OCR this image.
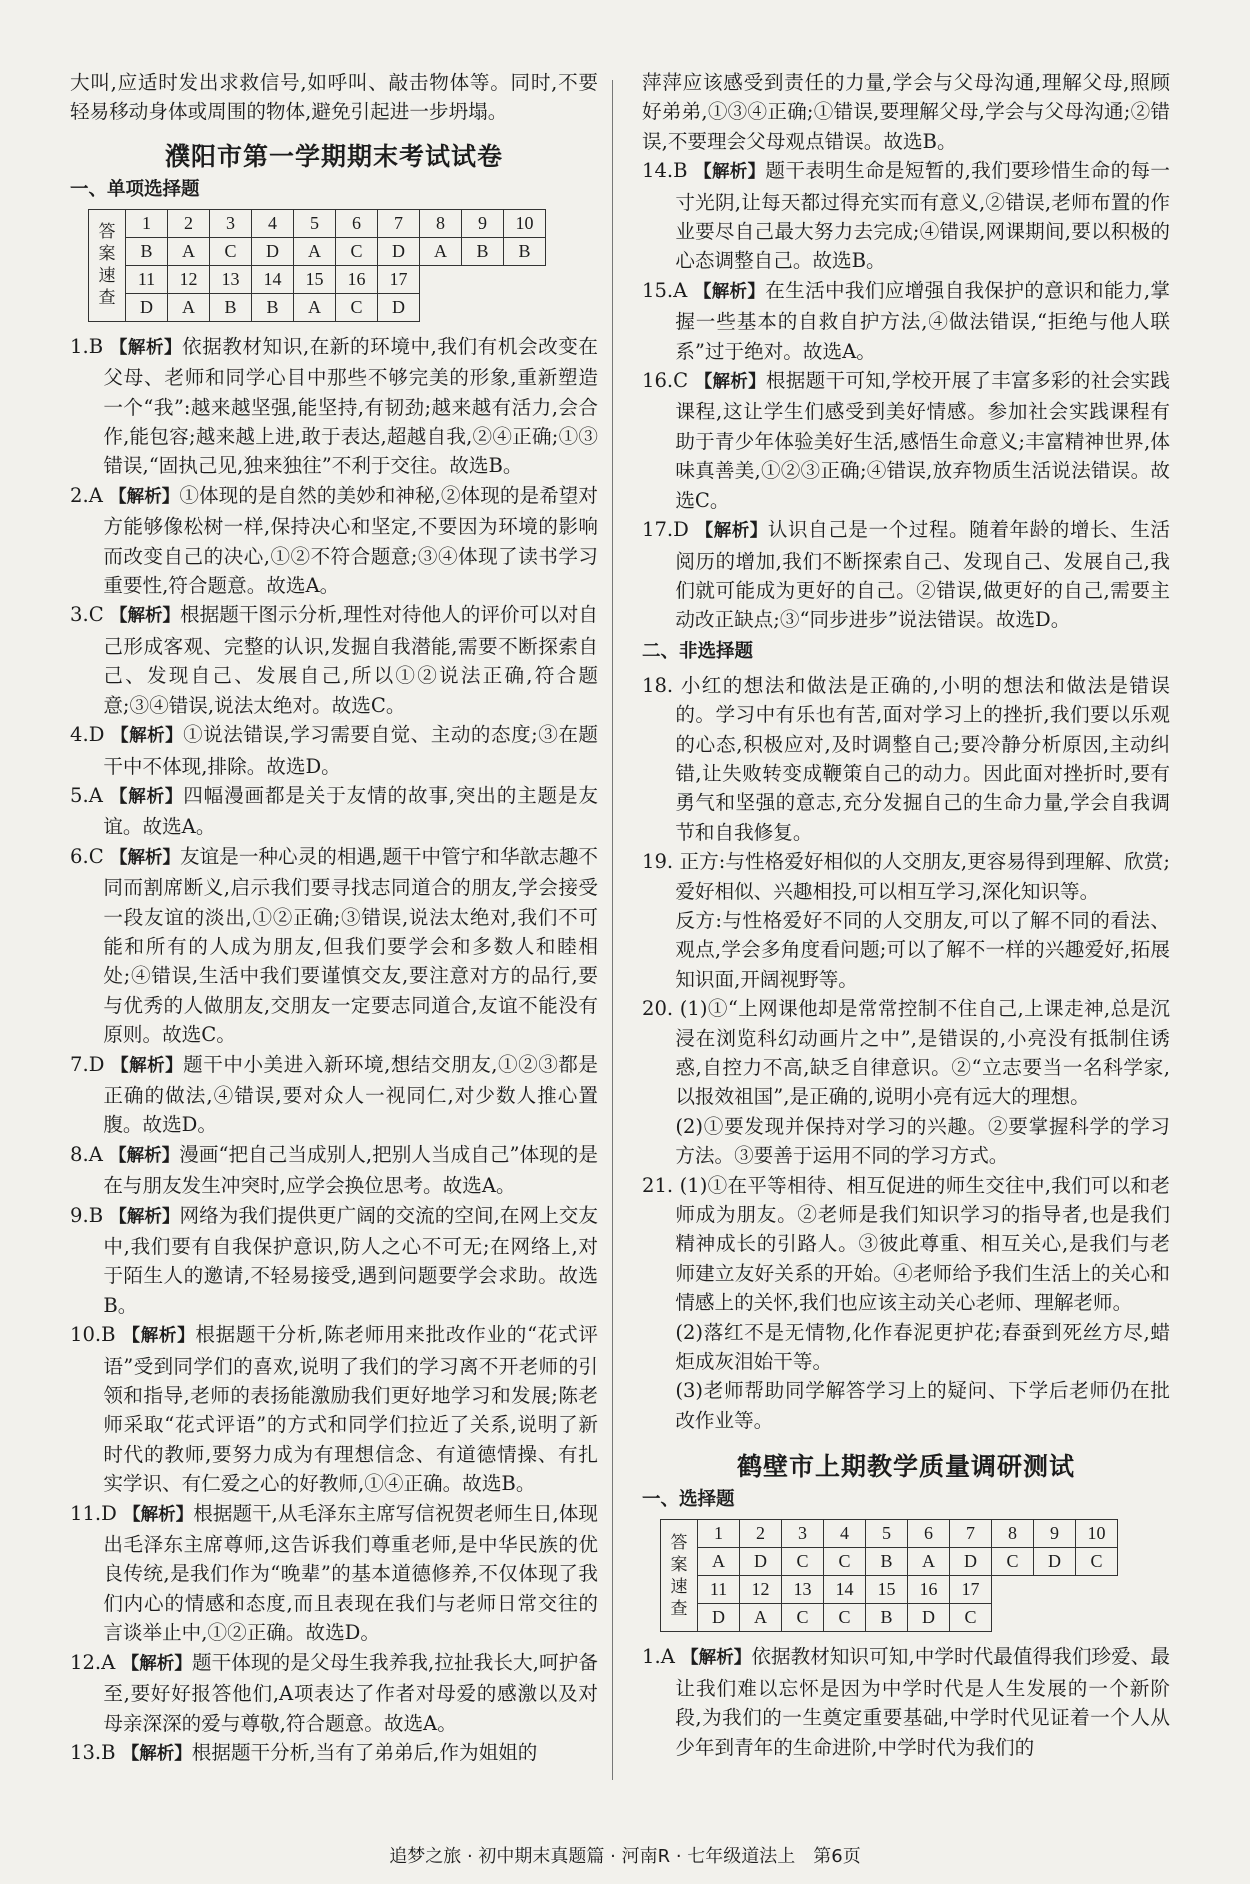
大叫,应适时发出求救信号,如呼叫、敲击物体等。同时,不要轻易移动身体或周围的物体,避免引起进一步坍塌。

濮阳市第一学期期末考试试卷
一、单项选择题
答案速查	1	2	3	4	5	6	7	8	9	10
	B	A	C	D	A	C	D	A	B	B
	11	12	13	14	15	16	17			
	D	A	B	B	A	C	D			

1.B 【解析】依据教材知识,在新的环境中,我们有机会改变在父母、老师和同学心目中那些不够完美的形象,重新塑造一个“我”:越来越坚强,能坚持,有韧劲;越来越有活力,会合作,能包容;越来越上进,敢于表达,超越自我,②④正确;①③错误,“固执己见,独来独往”不利于交往。故选B。

2.A 【解析】①体现的是自然的美妙和神秘,②体现的是希望对方能够像松树一样,保持决心和坚定,不要因为环境的影响而改变自己的决心,①②不符合题意;③④体现了读书学习重要性,符合题意。故选A。

3.C 【解析】根据题干图示分析,理性对待他人的评价可以对自己形成客观、完整的认识,发掘自我潜能,需要不断探索自己、发现自己、发展自己,所以①②说法正确,符合题意;③④错误,说法太绝对。故选C。

4.D 【解析】①说法错误,学习需要自觉、主动的态度;③在题干中不体现,排除。故选D。

5.A 【解析】四幅漫画都是关于友情的故事,突出的主题是友谊。故选A。

6.C 【解析】友谊是一种心灵的相遇,题干中管宁和华歆志趣不同而割席断义,启示我们要寻找志同道合的朋友,学会接受一段友谊的淡出,①②正确;③错误,说法太绝对,我们不可能和所有的人成为朋友,但我们要学会和多数人和睦相处;④错误,生活中我们要谨慎交友,要注意对方的品行,要与优秀的人做朋友,交朋友一定要志同道合,友谊不能没有原则。故选C。

7.D 【解析】题干中小美进入新环境,想结交朋友,①②③都是正确的做法,④错误,要对众人一视同仁,对少数人推心置腹。故选D。

8.A 【解析】漫画“把自己当成别人,把别人当成自己”体现的是在与朋友发生冲突时,应学会换位思考。故选A。

9.B 【解析】网络为我们提供更广阔的交流的空间,在网上交友中,我们要有自我保护意识,防人之心不可无;在网络上,对于陌生人的邀请,不轻易接受,遇到问题要学会求助。故选B。

10.B 【解析】根据题干分析,陈老师用来批改作业的“花式评语”受到同学们的喜欢,说明了我们的学习离不开老师的引领和指导,老师的表扬能激励我们更好地学习和发展;陈老师采取“花式评语”的方式和同学们拉近了关系,说明了新时代的教师,要努力成为有理想信念、有道德情操、有扎实学识、有仁爱之心的好教师,①④正确。故选B。

11.D 【解析】根据题干,从毛泽东主席写信祝贺老师生日,体现出毛泽东主席尊师,这告诉我们尊重老师,是中华民族的优良传统,是我们作为“晚辈”的基本道德修养,不仅体现了我们内心的情感和态度,而且表现在我们与老师日常交往的言谈举止中,①②正确。故选D。

12.A 【解析】题干体现的是父母生我养我,拉扯我长大,呵护备至,要好好报答他们,A项表达了作者对母爱的感激以及对母亲深深的爱与尊敬,符合题意。故选A。

13.B 【解析】根据题干分析,当有了弟弟后,作为姐姐的

萍萍应该感受到责任的力量,学会与父母沟通,理解父母,照顾好弟弟,①③④正确;①错误,要理解父母,学会与父母沟通;②错误,不要理会父母观点错误。故选B。

14.B 【解析】题干表明生命是短暂的,我们要珍惜生命的每一寸光阴,让每天都过得充实而有意义,②错误,老师布置的作业要尽自己最大努力去完成;④错误,网课期间,要以积极的心态调整自己。故选B。

15.A 【解析】在生活中我们应增强自我保护的意识和能力,掌握一些基本的自救自护方法,④做法错误,“拒绝与他人联系”过于绝对。故选A。

16.C 【解析】根据题干可知,学校开展了丰富多彩的社会实践课程,这让学生们感受到美好情感。参加社会实践课程有助于青少年体验美好生活,感悟生命意义;丰富精神世界,体味真善美,①②③正确;④错误,放弃物质生活说法错误。故选C。

17.D 【解析】认识自己是一个过程。随着年龄的增长、生活阅历的增加,我们不断探索自己、发现自己、发展自己,我们就可能成为更好的自己。②错误,做更好的自己,需要主动改正缺点;③“同步进步”说法错误。故选D。

二、非选择题

18. 小红的想法和做法是正确的,小明的想法和做法是错误的。学习中有乐也有苦,面对学习上的挫折,我们要以乐观的心态,积极应对,及时调整自己;要冷静分析原因,主动纠错,让失败转变成鞭策自己的动力。因此面对挫折时,要有勇气和坚强的意志,充分发掘自己的生命力量,学会自我调节和自我修复。

19. 正方:与性格爱好相似的人交朋友,更容易得到理解、欣赏;爱好相似、兴趣相投,可以相互学习,深化知识等。

反方:与性格爱好不同的人交朋友,可以了解不同的看法、观点,学会多角度看问题;可以了解不一样的兴趣爱好,拓展知识面,开阔视野等。

20. (1)①“上网课他却是常常控制不住自己,上课走神,总是沉浸在浏览科幻动画片之中”,是错误的,小亮没有抵制住诱惑,自控力不高,缺乏自律意识。②“立志要当一名科学家,以报效祖国”,是正确的,说明小亮有远大的理想。

(2)①要发现并保持对学习的兴趣。②要掌握科学的学习方法。③要善于运用不同的学习方式。

21. (1)①在平等相待、相互促进的师生交往中,我们可以和老师成为朋友。②老师是我们知识学习的指导者,也是我们精神成长的引路人。③彼此尊重、相互关心,是我们与老师建立友好关系的开始。④老师给予我们生活上的关心和情感上的关怀,我们也应该主动关心老师、理解老师。

(2)落红不是无情物,化作春泥更护花;春蚕到死丝方尽,蜡炬成灰泪始干等。

(3)老师帮助同学解答学习上的疑问、下学后老师仍在批改作业等。

鹤壁市上期教学质量调研测试
一、选择题
答案速查	1	2	3	4	5	6	7	8	9	10
	A	D	C	C	B	A	D	C	D	C
	11	12	13	14	15	16	17			
	D	A	C	C	B	D	C			

1.A 【解析】依据教材知识可知,中学时代最值得我们珍爱、最让我们难以忘怀是因为中学时代是人生发展的一个新阶段,为我们的一生奠定重要基础,中学时代见证着一个人从少年到青年的生命进阶,中学时代为我们的

追梦之旅 · 初中期末真题篇 · 河南R · 七年级道法上　第6页
